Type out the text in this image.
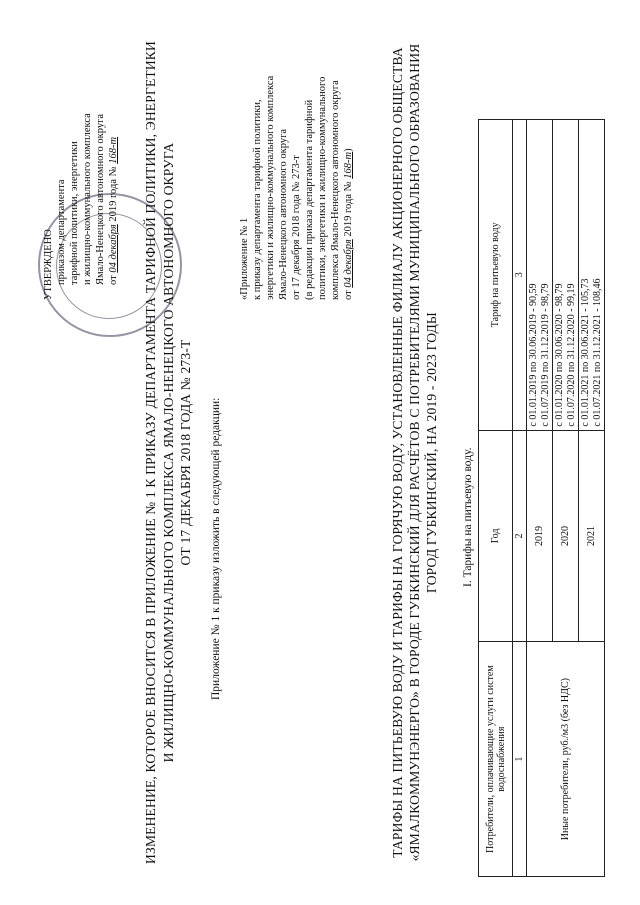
УТВЕРЖДЕНО приказом департамента тарифной политики, энергетики и жилищно-коммунального комплекса Ямало-Ненецкого автономного округа от 04 декабря 2019 года № 168-т ИЗМЕНЕНИЕ, КОТОРОЕ ВНОСИТСЯ В ПРИЛОЖЕНИЕ № 1 К ПРИКАЗУ ДЕПАРТАМЕНТА ТАРИФНОЙ ПОЛИТИКИ, ЭНЕРГЕТИКИ И ЖИЛИЩНО-КОММУНАЛЬНОГО КОМПЛЕКСА ЯМАЛО-НЕНЕЦКОГО АВТОНОМНОГО ОКРУГА ОТ 17 ДЕКАБРЯ 2018 ГОДА № 273-Т Приложение № 1 к приказу изложить в следующей редакции:
«Приложение № 1 к приказу департамента тарифной политики, энергетики и жилищно-коммунального комплекса Ямало-Ненецкого автономного округа от 17 декабря 2018 года № 273-т (в редакции приказа департамента тарифной политики, энергетики и жилищно-коммунального комплекса Ямало-Ненецкого автономного округа от 04 декабря 2019 года № 168-т)	ТАРИФЫ НА ПИТЬЕВУЮ ВОДУ И ТАРИФЫ НА ГОРЯЧУЮ ВОДУ, УСТАНОВЛЕННЫЕ ФИЛИАЛУ АКЦИОНЕРНОГО ОБЩЕСТВА «ЯМАЛКОММУНЭНЕРГО» В ГОРОДЕ ГУБКИНСКИЙ ДЛЯ РАСЧЁТОВ С ПОТРЕБИТЕЛЯМИ МУНИЦИПАЛЬНОГО ОБРАЗОВАНИЯ ГОРОД ГУБКИНСКИЙ, НА 2019 - 2023 ГОДЫ I. Тарифы на питьевую воду.
Потребители, оплачивающие услуги систем водоснабжения	Год	Тариф на питьевую воду
1	2	3
Иные потребители, руб./м3 (без НДС)	2019	с 01.01.2019 по 30.06.2019 - 90,59 с 01.07.2019 по 31.12.2019 - 98,79

	2020	с 01.01.2020 по 30.06.2020 - 98,79 с 01.07.2020 по 31.12.2020 - 99,19

	2021	с 01.01.2021 по 30.06.2021 - 105,73 с 01.07.2021 по 31.12.2021 - 108,46
